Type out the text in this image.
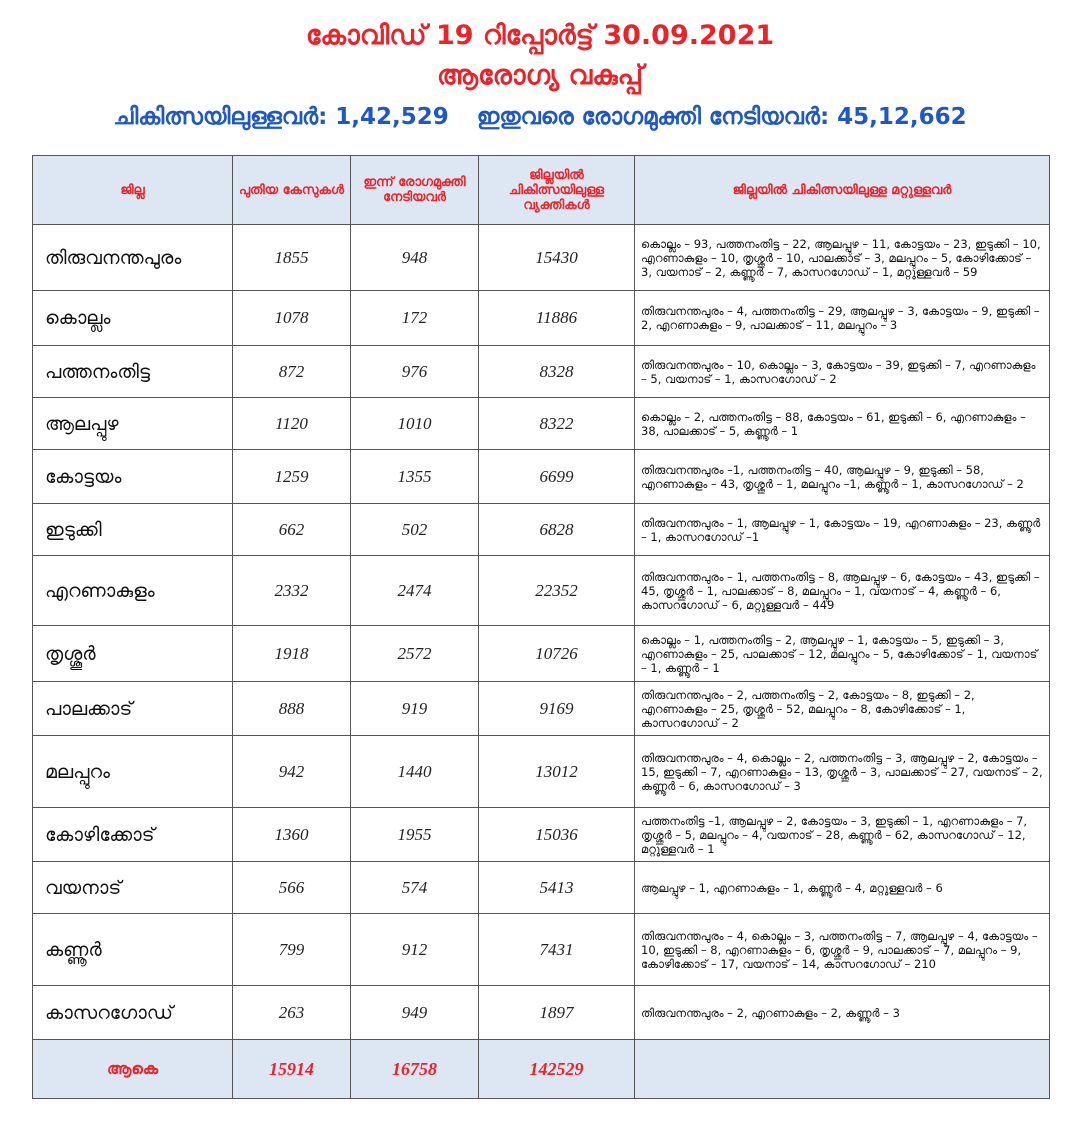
കോവിഡ് 19 റിപ്പോർട്ട് 30.09.2021
ആരോഗ്യ വകുപ്പ്
ചികിത്സയിലുള്ളവർ: 1,42,529 ഇതുവരെ രോഗമുക്തി നേടിയവർ: 45,12,662
ജില്ല	പുതിയ കേസുകൾ	ഇന്ന് രോഗമുക്തി നേടിയവർ	ജില്ലയിൽ ചികിത്സയിലുള്ള വ്യക്തികൾ	ജില്ലയിൽ ചികിത്സയിലുള്ള മറ്റുള്ളവർ
തിരുവനന്തപുരം	1855	948	15430	കൊല്ലം – 93, പത്തനംതിട്ട – 22, ആലപ്പുഴ – 11, കോട്ടയം – 23, ഇടുക്കി – 10, എറണാകുളം – 10, തൃശ്ശൂർ – 10, പാലക്കാട് – 3, മലപ്പുറം – 5, കോഴിക്കോട് – 3, വയനാട് – 2, കണ്ണൂർ – 7, കാസറഗോഡ് – 1, മറ്റുള്ളവർ – 59
കൊല്ലം	1078	172	11886	തിരുവനന്തപുരം – 4, പത്തനംതിട്ട – 29, ആലപ്പുഴ – 3, കോട്ടയം – 9, ഇടുക്കി – 2, എറണാകുളം – 9, പാലക്കാട് – 11, മലപ്പുറം – 3
പത്തനംതിട്ട	872	976	8328	തിരുവനന്തപുരം – 10, കൊല്ലം – 3, കോട്ടയം – 39, ഇടുക്കി – 7, എറണാകുളം – 5, വയനാട് – 1, കാസറഗോഡ് – 2
ആലപ്പുഴ	1120	1010	8322	കൊല്ലം – 2, പത്തനംതിട്ട – 88, കോട്ടയം – 61, ഇടുക്കി – 6, എറണാകുളം – 38, പാലക്കാട് – 5, കണ്ണൂർ – 1
കോട്ടയം	1259	1355	6699	തിരുവനന്തപുരം –1, പത്തനംതിട്ട – 40, ആലപ്പുഴ – 9, ഇടുക്കി – 58, എറണാകുളം – 43, തൃശ്ശൂർ – 1, മലപ്പുറം –1, കണ്ണൂർ – 1, കാസറഗോഡ് – 2
ഇടുക്കി	662	502	6828	തിരുവനന്തപുരം – 1, ആലപ്പുഴ – 1, കോട്ടയം – 19, എറണാകുളം – 23, കണ്ണൂർ – 1, കാസറഗോഡ് –1
എറണാകുളം	2332	2474	22352	തിരുവനന്തപുരം – 1, പത്തനംതിട്ട – 8, ആലപ്പുഴ – 6, കോട്ടയം – 43, ഇടുക്കി – 45, തൃശ്ശൂർ – 1, പാലക്കാട് – 8, മലപ്പുറം – 1, വയനാട് – 4, കണ്ണൂർ – 6, കാസറഗോഡ് – 6, മറ്റുള്ളവർ – 449
തൃശ്ശൂർ	1918	2572	10726	കൊല്ലം – 1, പത്തനംതിട്ട – 2, ആലപ്പുഴ – 1, കോട്ടയം – 5, ഇടുക്കി – 3, എറണാകുളം – 25, പാലക്കാട് – 12, മലപ്പുറം – 5, കോഴിക്കോട് – 1, വയനാട് – 1, കണ്ണൂർ – 1
പാലക്കാട്	888	919	9169	തിരുവനന്തപുരം – 2, പത്തനംതിട്ട – 2, കോട്ടയം – 8, ഇടുക്കി – 2, എറണാകുളം – 25, തൃശ്ശൂർ – 52, മലപ്പുറം – 8, കോഴിക്കോട് – 1, കാസറഗോഡ് – 2
മലപ്പുറം	942	1440	13012	തിരുവനന്തപുരം – 4, കൊല്ലം – 2, പത്തനംതിട്ട – 3, ആലപ്പുഴ – 2, കോട്ടയം – 15, ഇടുക്കി – 7, എറണാകുളം – 13, തൃശ്ശൂർ – 3, പാലക്കാട് – 27, വയനാട് – 2, കണ്ണൂർ – 6, കാസറഗോഡ് – 3
കോഴിക്കോട്	1360	1955	15036	പത്തനംതിട്ട –1, ആലപ്പുഴ – 2, കോട്ടയം – 3, ഇടുക്കി – 1, എറണാകുളം – 7, തൃശ്ശൂർ – 5, മലപ്പുറം – 4, വയനാട് – 28, കണ്ണൂർ – 62, കാസറഗോഡ് – 12, മറ്റുള്ളവർ – 1
വയനാട്	566	574	5413	ആലപ്പുഴ – 1, എറണാകുളം – 1, കണ്ണൂർ – 4, മറ്റുള്ളവർ – 6
കണ്ണൂർ	799	912	7431	തിരുവനന്തപുരം – 4, കൊല്ലം – 3, പത്തനംതിട്ട – 7, ആലപ്പുഴ – 4, കോട്ടയം – 10, ഇടുക്കി – 8, എറണാകുളം – 6, തൃശ്ശൂർ – 9, പാലക്കാട് – 7, മലപ്പുറം – 9, കോഴിക്കോട് – 17, വയനാട് – 14, കാസറഗോഡ് – 210
കാസറഗോഡ്	263	949	1897	തിരുവനന്തപുരം – 2, എറണാകുളം – 2, കണ്ണൂർ – 3
ആകെ	15914	16758	142529	
